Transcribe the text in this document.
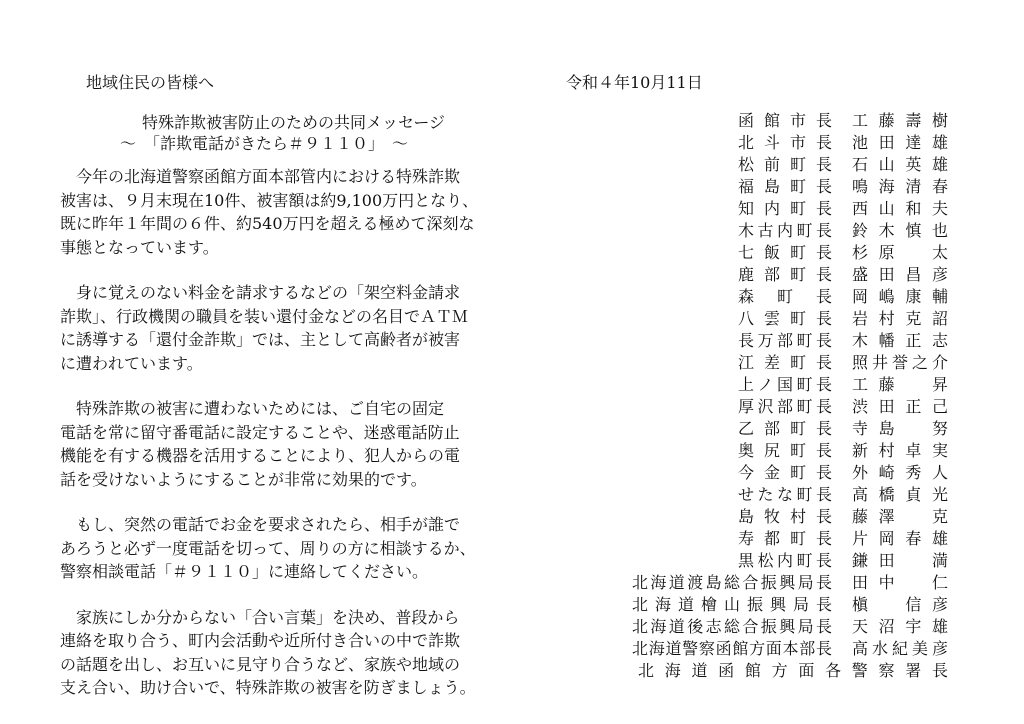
地域住民の皆様へ	令和４年10月11日
特殊詐欺被害防止のための共同メッセージ
～　「詐欺電話がきたら＃９１１０」　～
　今年の北海道警察函館方面本部管内における特殊詐欺
被害は、９月末現在10件、被害額は約9,100万円となり、
既に昨年１年間の６件、約540万円を超える極めて深刻な
事態となっています。
　身に覚えのない料金を請求するなどの「架空料金請求
詐欺」、行政機関の職員を装い還付金などの名目でＡＴＭ
に誘導する「還付金詐欺」では、主として高齢者が被害
に遭われています。
　特殊詐欺の被害に遭わないためには、ご自宅の固定
電話を常に留守番電話に設定することや、迷惑電話防止
機能を有する機器を活用することにより、犯人からの電
話を受けないようにすることが非常に効果的です。
　もし、突然の電話でお金を要求されたら、相手が誰で
あろうと必ず一度電話を切って、周りの方に相談するか、
警察相談電話「＃９１１０」に連絡してください。
　家族にしか分からない「合い言葉」を決め、普段から
連絡を取り合う、町内会活動や近所付き合いの中で詐欺
の話題を出し、お互いに見守り合うなど、家族や地域の
支え合い、助け合いで、特殊詐欺の被害を防ぎましょう。
函館市長 工藤壽樹
北斗市長 池田達雄
松前町長 石山英雄
福島町長 鳴海清春
知内町長 西山和夫
木古内町長 鈴木慎也
七飯町長 杉原　太
鹿部町長 盛田昌彦
森町長 岡嶋康輔
八雲町長 岩村克詔
長万部町長 木幡正志
江差町長 照井誉之介
上ノ国町長 工藤　昇
厚沢部町長 渋田正己
乙部町長 寺島　努
奥尻町長 新村卓実
今金町長 外崎秀人
せたな町長 高橋貞光
島牧村長 藤澤　克
寿都町長 片岡春雄
黒松内町長 鎌田　満
北海道渡島総合振興局長 田中　仁
北海道檜山振興局長 槇　信彦
北海道後志総合振興局長 天沼宇雄
北海道警察函館方面本部長 高水紀美彦
北海道函館方面各警察署長
